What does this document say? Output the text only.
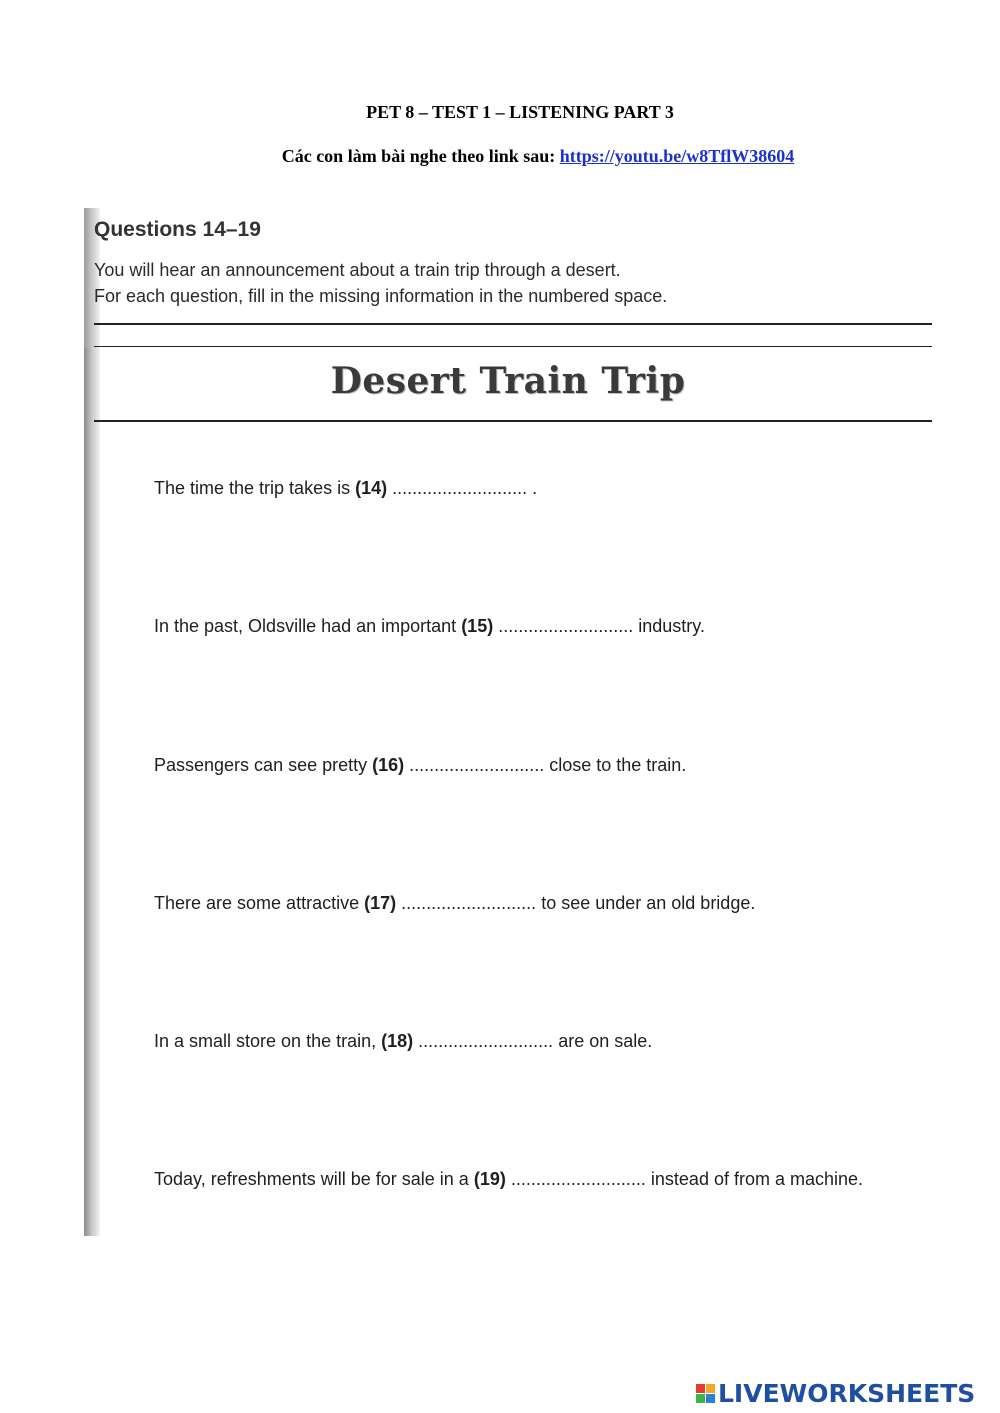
PET 8 – TEST 1 – LISTENING PART 3
Các con làm bài nghe theo link sau: https://youtu.be/w8TflW38604
Questions 14–19
You will hear an announcement about a train trip through a desert.
For each question, fill in the missing information in the numbered space.
Desert Train Trip
The time the trip takes is (14) ........................... .
In the past, Oldsville had an important (15) ........................... industry.
Passengers can see pretty (16) ........................... close to the train.
There are some attractive (17) ........................... to see under an old bridge.
In a small store on the train, (18) ........................... are on sale.
Today, refreshments will be for sale in a (19) ........................... instead of from a machine.
LIVEWORKSHEETS
